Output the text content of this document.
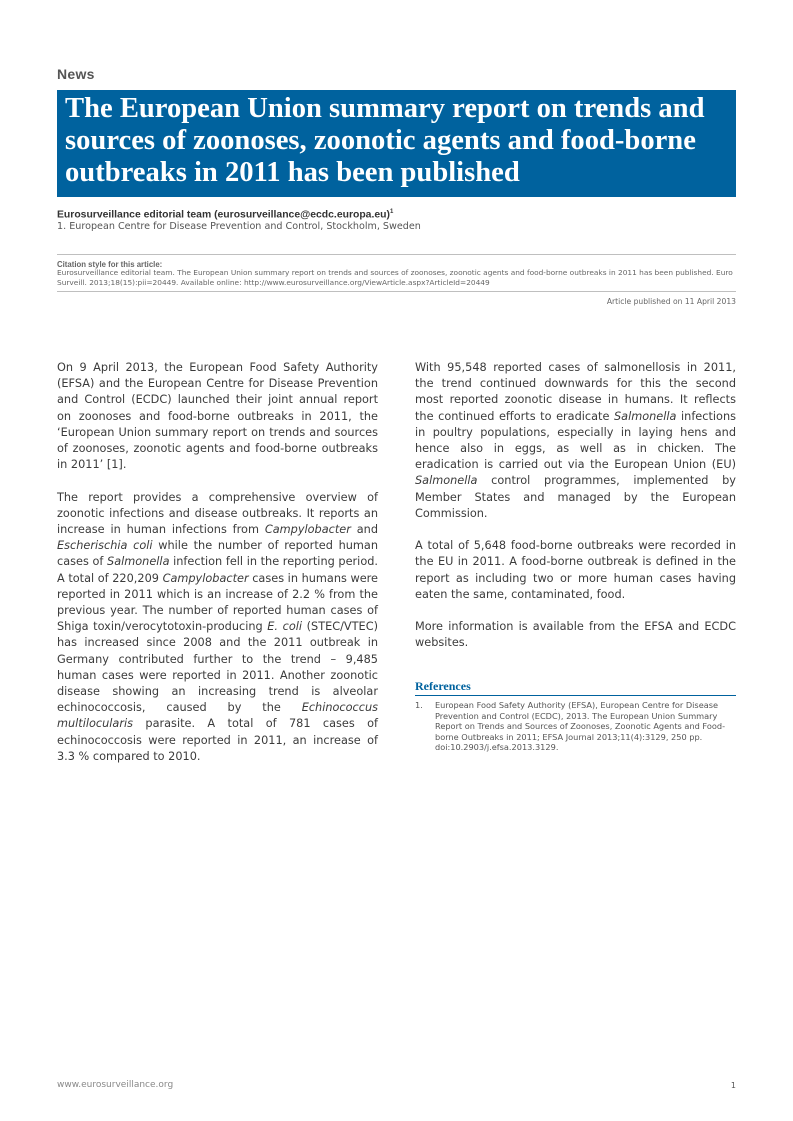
News
The European Union summary report on trends and sources of zoonoses, zoonotic agents and food-borne outbreaks in 2011 has been published
Eurosurveillance editorial team (eurosurveillance@ecdc.europa.eu)$^1$
1. European Centre for Disease Prevention and Control, Stockholm, Sweden
Citation style for this article:
Eurosurveillance editorial team. The European Union summary report on trends and sources of zoonoses, zoonotic agents and food-borne outbreaks in 2011 has been published. Euro Surveill. 2013;18(15):pii=20449. Available online: http://www.eurosurveillance.org/ViewArticle.aspx?ArticleId=20449
Article published on 11 April 2013

On 9 April 2013, the European Food Safety Authority (EFSA) and the European Centre for Disease Prevention and Control (ECDC) launched their joint annual report on zoonoses and food-borne outbreaks in 2011, the ‘European Union summary report on trends and sources of zoonoses, zoonotic agents and food-borne outbreaks in 2011’ [1].

The report provides a comprehensive overview of zoonotic infections and disease outbreaks. It reports an increase in human infections from Campylobacter and Escherischia coli while the number of reported human cases of Salmonella infection fell in the reporting period. A total of 220,209 Campylobacter cases in humans were reported in 2011 which is an increase of 2.2 % from the previous year. The number of reported human cases of Shiga toxin/verocytotoxin-producing E. coli (STEC/VTEC) has increased since 2008 and the 2011 outbreak in Germany contributed further to the trend – 9,485 human cases were reported in 2011. Another zoonotic disease showing an increasing trend is alveolar echinococcosis, caused by the Echinococcus multilocularis parasite. A total of 781 cases of echinococcosis were reported in 2011, an increase of 3.3 % compared to 2010.

With 95,548 reported cases of salmonellosis in 2011, the trend continued downwards for this the second most reported zoonotic disease in humans. It reflects the continued efforts to eradicate Salmonella infections in poultry populations, especially in laying hens and hence also in eggs, as well as in chicken. The eradication is carried out via the European Union (EU) Salmonella control programmes, implemented by Member States and managed by the European Commission.

A total of 5,648 food-borne outbreaks were recorded in the EU in 2011. A food-borne outbreak is defined in the report as including two or more human cases having eaten the same, contaminated, food.

More information is available from the EFSA and ECDC websites.

References
1.	European Food Safety Authority (EFSA), European Centre for Disease Prevention and Control (ECDC), 2013. The European Union Summary Report on Trends and Sources of Zoonoses, Zoonotic Agents and Food-borne Outbreaks in 2011; EFSA Journal 2013;11(4):3129, 250 pp. doi:10.2903/j.efsa.2013.3129.
www.eurosurveillance.org	1
